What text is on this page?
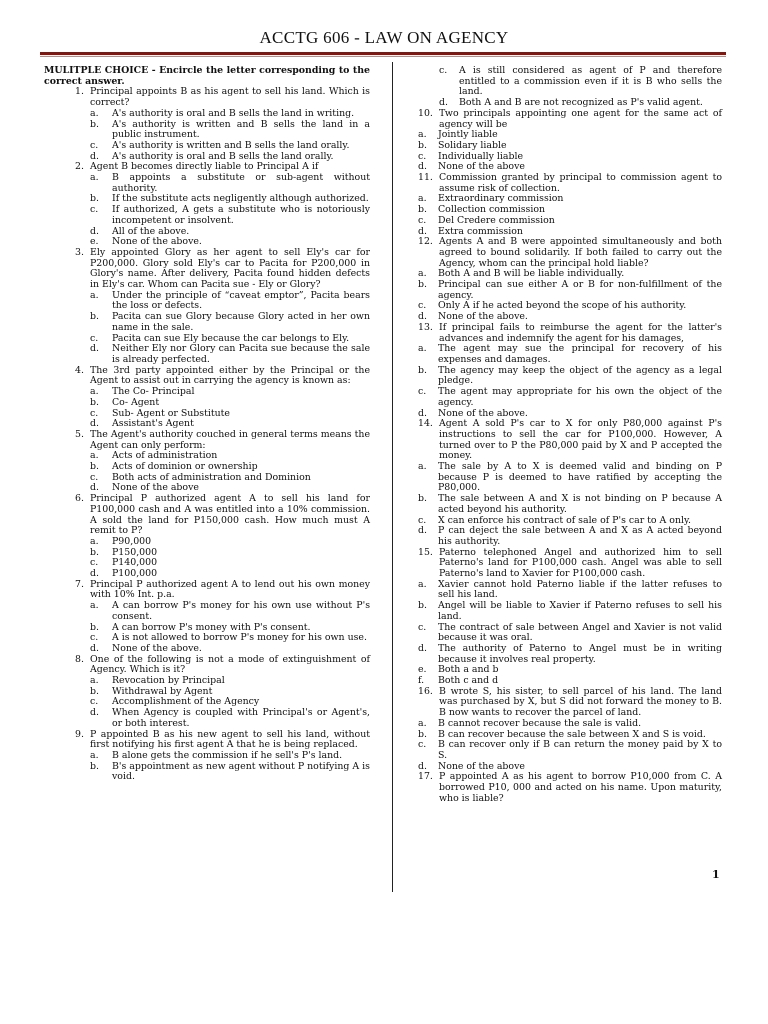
ACCTG 606 - LAW ON AGENCY

MULITPLE CHOICE - Encircle the letter corresponding to the correct answer.

1. Principal appoints B as his agent to sell his land. Which is correct?
a.	A's authority is oral and B sells the land in writing.
b.	A's authority is written and B sells the land in a public instrument.
c.	A's authority is written and B sells the land orally.
d.	A's authority is oral and B sells the land orally.
2. Agent B becomes directly liable to Principal A if
a.	B appoints a substitute or sub-agent without authority.
b.	If the substitute acts negligently although authorized.
c.	If authorized, A gets a substitute who is notoriously incompetent or insolvent.
d.	All of the above.
e.	None of the above.
3. Ely appointed Glory as her agent to sell Ely's car for P200,000. Glory sold Ely's car to Pacita for P200,000 in Glory's name. After delivery, Pacita found hidden defects in Ely's car. Whom can Pacita sue - Ely or Glory?
a.	Under the principle of “caveat emptor”, Pacita bears the loss or defects.
b.	Pacita can sue Glory because Glory acted in her own name in the sale.
c.	Pacita can sue Ely because the car belongs to Ely.
d.	Neither Ely nor Glory can Pacita sue because the sale is already perfected.
4. The 3rd party appointed either by the Principal or the Agent to assist out in carrying the agency is known as:
a.	The Co- Principal
b.	Co- Agent
c.	Sub- Agent or Substitute
d.	Assistant's Agent
5. The Agent's authority couched in general terms means the Agent can only perform:
a.	Acts of administration
b.	Acts of dominion or ownership
c.	Both acts of administration and Dominion
d.	None of the above
6. Principal P authorized agent A to sell his land for P100,000 cash and A was entitled into a 10% commission. A sold the land for P150,000 cash. How much must A remit to P?
a.	P90,000
b.	P150,000
c.	P140,000
d.	P100,000
7. Principal P authorized agent A to lend out his own money with 10% Int. p.a.
a.	A can borrow P's money for his own use without P's consent.
b.	A can borrow P's money with P's consent.
c.	A is not allowed to borrow P's money for his own use.
d.	None of the above.
8. One of the following is not a mode of extinguishment of Agency. Which is it?
a.	Revocation by Principal
b.	Withdrawal by Agent
c.	Accomplishment of the Agency
d.	When Agency is coupled with Principal's or Agent's, or both interest.
9. P appointed B as his new agent to sell his land, without first notifying his first agent A that he is being replaced.
a.	B alone gets the commission if he sell's P's land.
b.	B's appointment as new agent without P notifying A is void.
c.	A is still considered as agent of P and therefore entitled to a commission even if it is B who sells the land.
d.	Both A and B are not recognized as P's valid agent.
10. Two principals appointing one agent for the same act of agency will be
a.	Jointly liable
b.	Solidary liable
c.	Individually liable
d.	None of the above
11. Commission granted by principal to commission agent to assume risk of collection.
a.	Extraordinary commission
b.	Collection commission
c.	Del Credere commission
d.	Extra commission
12. Agents A and B were appointed simultaneously and both agreed to bound solidarily. If both failed to carry out the Agency, whom can the principal hold liable?
a.	Both A and B will be liable individually.
b.	Principal can sue either A or B for non-fulfillment of the agency.
c.	Only A if he acted beyond the scope of his authority.
d.	None of the above.
13. If principal fails to reimburse the agent for the latter's advances and indemnify the agent for his damages,
a.	The agent may sue the principal for recovery of his expenses and damages.
b.	The agency may keep the object of the agency as a legal pledge.
c.	The agent may appropriate for his own the object of the agency.
d.	None of the above.
14. Agent A sold P's car to X for only P80,000 against P's instructions to sell the car for P100,000. However, A turned over to P the P80,000 paid by X and P accepted the money.
a.	The sale by A to X is deemed valid and binding on P because P is deemed to have ratified by accepting the P80,000.
b.	The sale between A and X is not binding on P because A acted beyond his authority.
c.	X can enforce his contract of sale of P's car to A only.
d.	P can deject the sale between A and X as A acted beyond his authority.
15. Paterno telephoned Angel and authorized him to sell Paterno's land for P100,000 cash. Angel was able to sell Paterno's land to Xavier for P100,000 cash.
a.	Xavier cannot hold Paterno liable if the latter refuses to sell his land.
b.	Angel will be liable to Xavier if Paterno refuses to sell his land.
c.	The contract of sale between Angel and Xavier is not valid because it was oral.
d.	The authority of Paterno to Angel must be in writing because it involves real property.
e.	Both a and b
f.	Both c and d
16. B wrote S, his sister, to sell parcel of his land. The land was purchased by X, but S did not forward the money to B. B now wants to recover the parcel of land.
a.	B cannot recover because the sale is valid.
b.	B can recover because the sale between X and S is void.
c.	B can recover only if B can return the money paid by X to S.
d.	None of the above
17. P appointed A as his agent to borrow P10,000 from C. A borrowed P10, 000 and acted on his name. Upon maturity, who is liable?
1
